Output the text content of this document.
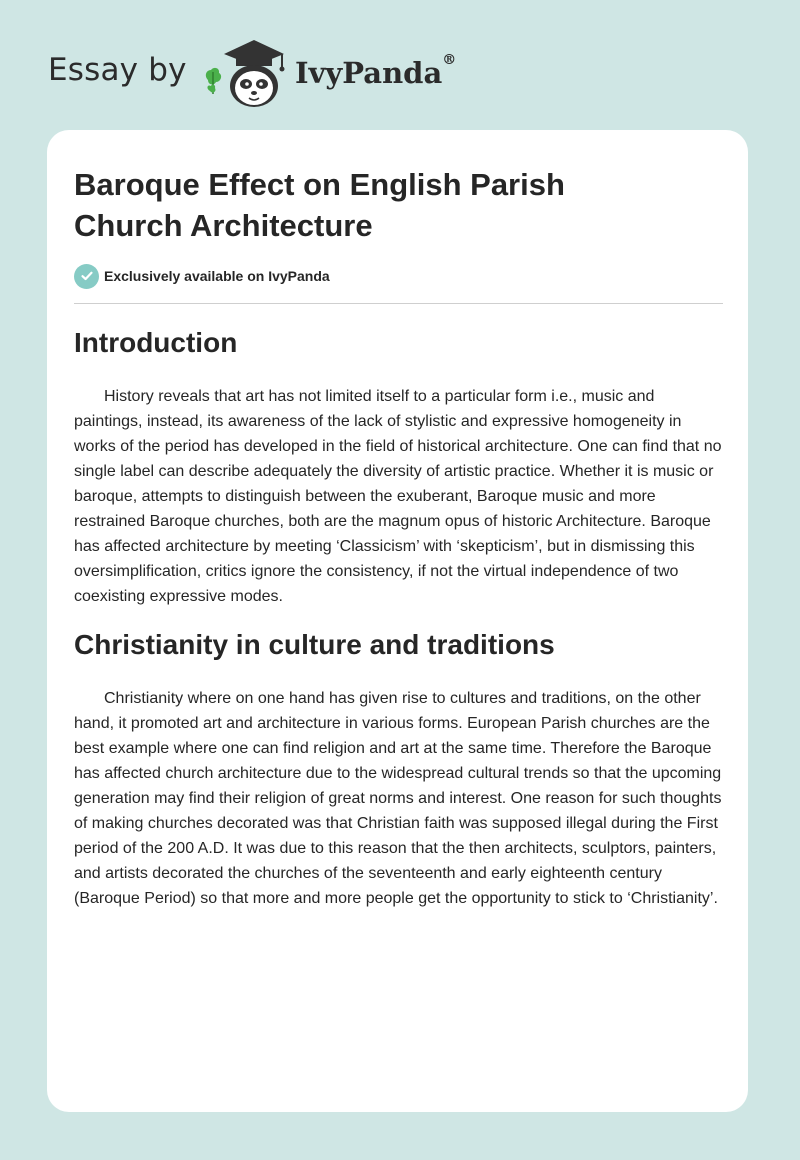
Essay by	IvyPanda®
Baroque Effect on English Parish Church Architecture
Exclusively available on IvyPanda
Introduction

History reveals that art has not limited itself to a particular form i.e., music and paintings, instead, its awareness of the lack of stylistic and expressive homogeneity in works of the period has developed in the field of historical architecture. One can find that no single label can describe adequately the diversity of artistic practice. Whether it is music or baroque, attempts to distinguish between the exuberant, Baroque music and more restrained Baroque churches, both are the magnum opus of historic Architecture. Baroque has affected architecture by meeting ‘Classicism’ with ‘skepticism’, but in dismissing this oversimplification, critics ignore the consistency, if not the virtual independence of two coexisting expressive modes.

Christianity in culture and traditions

Christianity where on one hand has given rise to cultures and traditions, on the other hand, it promoted art and architecture in various forms. European Parish churches are the best example where one can find religion and art at the same time. Therefore the Baroque has affected church architecture due to the widespread cultural trends so that the upcoming generation may find their religion of great norms and interest. One reason for such thoughts of making churches decorated was that Christian faith was supposed illegal during the First period of the 200 A.D. It was due to this reason that the then architects, sculptors, painters, and artists decorated the churches of the seventeenth and early eighteenth century (Baroque Period) so that more and more people get the opportunity to stick to ‘Christianity’.
